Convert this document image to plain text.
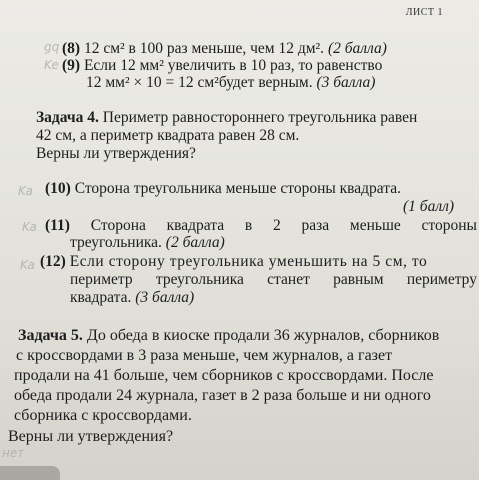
ЛИСТ 1
gq
Ke
Ka
Ka
Ka
нет
(8) 12 см² в 100 раз меньше, чем 12 дм². (2 балла)
(9) Если 12 мм² увеличить в 10 раз, то равенство
12 мм² × 10 = 12 см²будет верным. (3 балла)
Задача 4. Периметр равностороннего треугольника равен
42 см, а периметр квадрата равен 28 см.
Верны ли утверждения?
(10) Сторона треугольника меньше стороны квадрата.
(1 балл)
(11) Сторона квадрата в 2 раза меньше стороны
треугольника. (2 балла)
(12) Если сторону треугольника уменьшить на 5 см, то
периметр треугольника станет равным периметру
квадрата. (3 балла)
Задача 5. До обеда в киоске продали 36 журналов, сборников
с кроссвордами в 3 раза меньше, чем журналов, а газет
продали на 41 больше, чем сборников с кроссвордами. После
обеда продали 24 журнала, газет в 2 раза больше и ни одного
сборника с кроссвордами.
Верны ли утверждения?
